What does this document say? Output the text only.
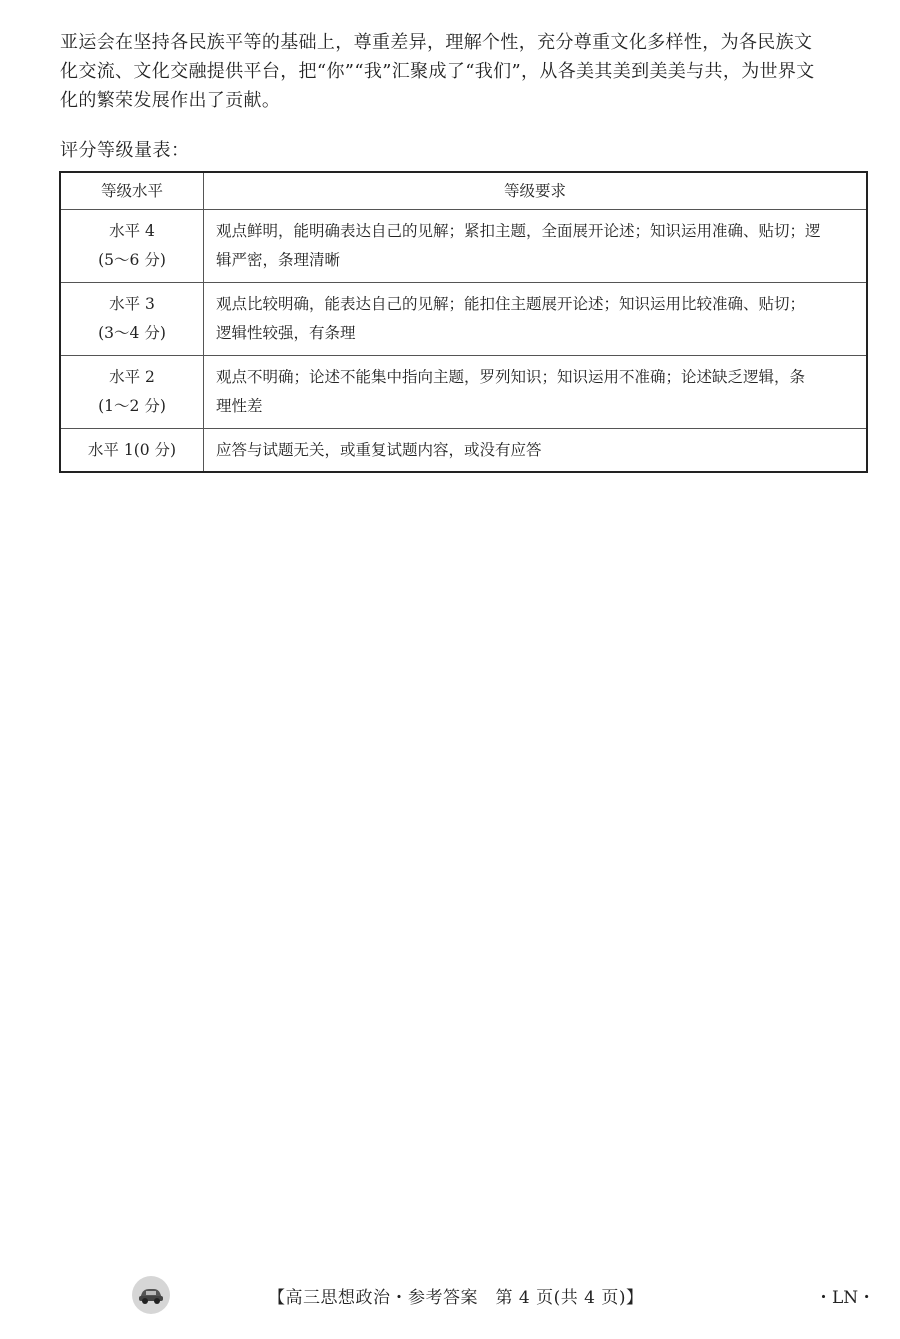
亚运会在坚持各民族平等的基础上，尊重差异，理解个性，充分尊重文化多样性，为各民族文
化交流、文化交融提供平台，把“你”“我”汇聚成了“我们”，从各美其美到美美与共，为世界文
化的繁荣发展作出了贡献。
评分等级量表：
等级水平	等级要求

水平 4
(5～6 分)	观点鲜明，能明确表达自己的见解；紧扣主题，全面展开论述；知识运用准确、贴切；逻
辑严密，条理清晰

水平 3
(3～4 分)	观点比较明确，能表达自己的见解；能扣住主题展开论述；知识运用比较准确、贴切；
逻辑性较强，有条理

水平 2
(1～2 分)	观点不明确；论述不能集中指向主题，罗列知识；知识运用不准确；论述缺乏逻辑，条
理性差

水平 1(0 分)	应答与试题无关，或重复试题内容，或没有应答
【高三思想政治・参考答案　第 4 页(共 4 页)】	・LN・
